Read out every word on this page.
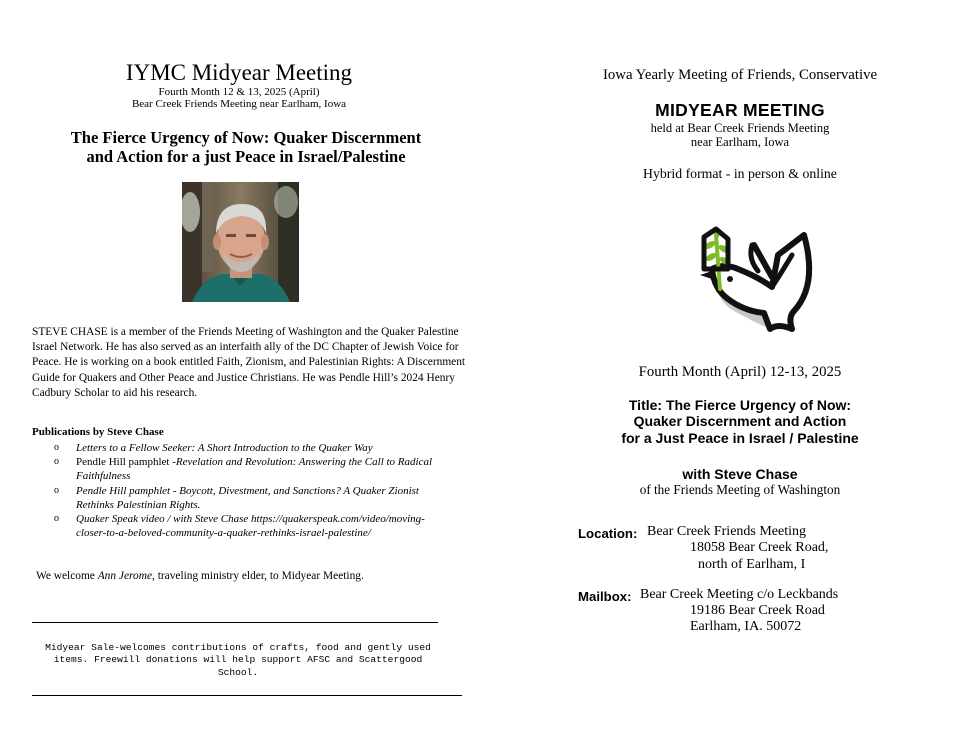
IYMC Midyear Meeting
Fourth Month 12 & 13, 2025 (April)
Bear Creek Friends Meeting near Earlham, Iowa
The Fierce Urgency of Now: Quaker Discernment
and Action for a just Peace in Israel/Palestine
STEVE CHASE is a member of the Friends Meeting of Washington and the Quaker Palestine Israel Network. He has also served as an interfaith ally of the DC Chapter of Jewish Voice for Peace. He is working on a book entitled Faith, Zionism, and Palestinian Rights: A Discernment Guide for Quakers and Other Peace and Justice Christians. He was Pendle Hill’s 2024 Henry Cadbury Scholar to aid his research.
Publications by Steve Chase
o Letters to a Fellow Seeker: A Short Introduction to the Quaker Way
o Pendle Hill pamphlet -Revelation and Revolution: Answering the Call to Radical Faithfulness
o Pendle Hill pamphlet - Boycott, Divestment, and Sanctions? A Quaker Zionist Rethinks Palestinian Rights.
o Quaker Speak video / with Steve Chase https://quakerspeak.com/video/moving-closer-to-a-beloved-community-a-quaker-rethinks-israel-palestine/
We welcome Ann Jerome, traveling ministry elder, to Midyear Meeting.
Midyear Sale-welcomes contributions of crafts, food and gently used items. Freewill donations will help support AFSC and Scattergood School.
Iowa Yearly Meeting of Friends, Conservative
MIDYEAR MEETING
held at Bear Creek Friends Meeting
near Earlham, Iowa
Hybrid format - in person & online
Fourth Month (April) 12-13, 2025
Title: The Fierce Urgency of Now:
Quaker Discernment and Action
for a Just Peace in Israel / Palestine
with Steve Chase
of the Friends Meeting of Washington
Location: Bear Creek Friends Meeting
18058 Bear Creek Road,
north of Earlham, I
Mailbox: Bear Creek Meeting c/o Leckbands
19186 Bear Creek Road
Earlham, IA. 50072
